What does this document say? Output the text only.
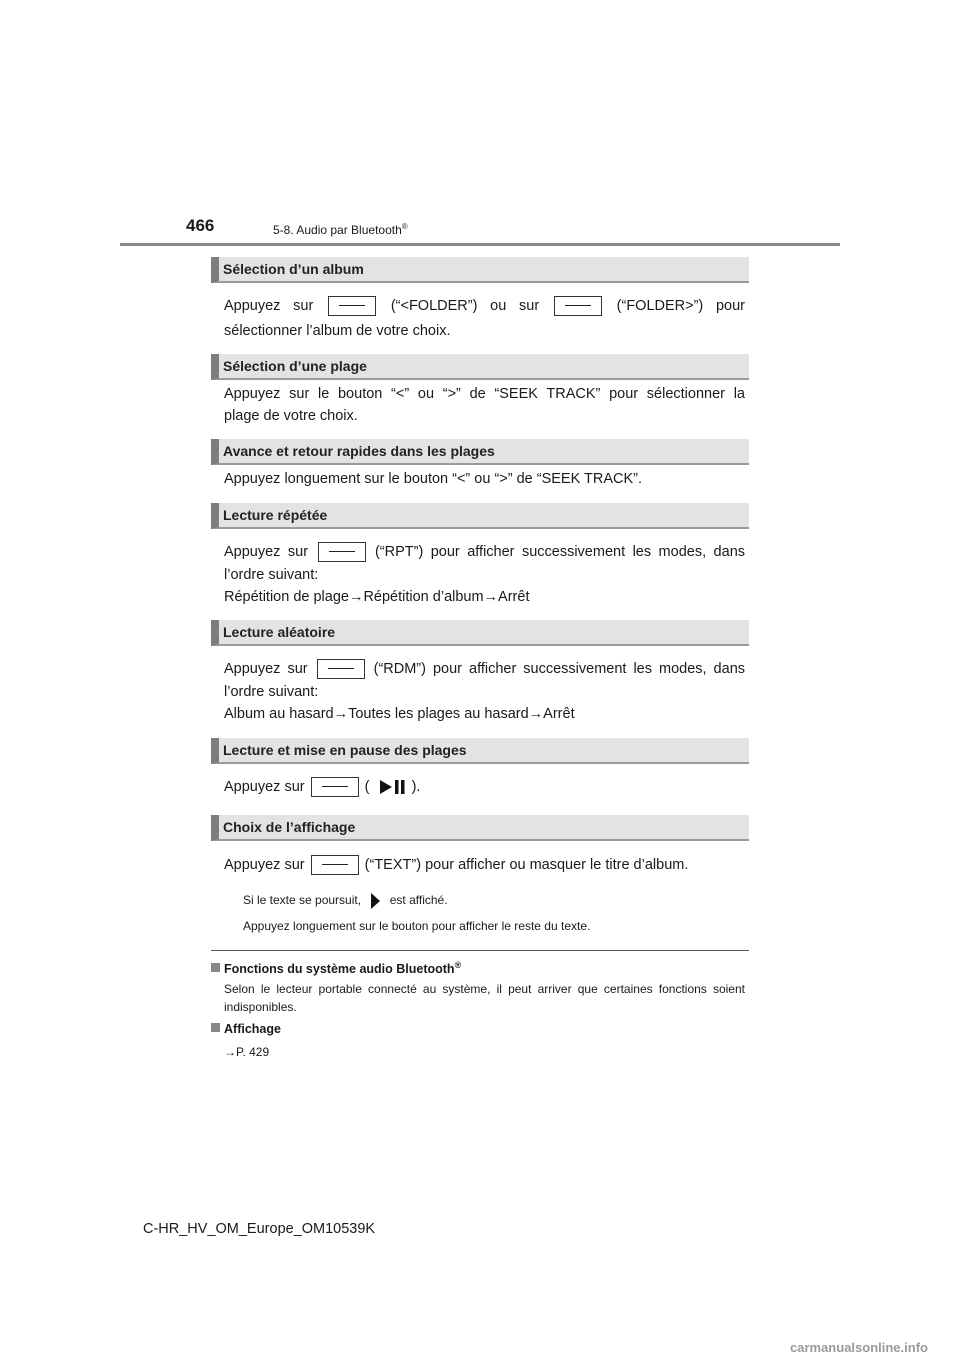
466	5-8. Audio par Bluetooth®
Sélection d’un album
Appuyez sur	(“<FOLDER”) ou sur	(“FOLDER>”) pour
sélectionner l’album de votre choix.
Sélection d’une plage
Appuyez sur le bouton “<” ou “>” de “SEEK TRACK” pour sélectionner la
plage de votre choix.
Avance et retour rapides dans les plages
Appuyez longuement sur le bouton “<” ou “>” de “SEEK TRACK”.
Lecture répétée
Appuyez sur	(“RPT”) pour afficher successivement les modes, dans
l’ordre suivant:
Répétition de plage→Répétition d’album→Arrêt
Lecture aléatoire
Appuyez sur	(“RDM”) pour afficher successivement les modes, dans
l’ordre suivant:
Album au hasard→Toutes les plages au hasard→Arrêt
Lecture et mise en pause des plages
Appuyez sur	(	).
Choix de l’affichage
Appuyez sur	(“TEXT”) pour afficher ou masquer le titre d’album.
Si le texte se poursuit, est affiché.
Appuyez longuement sur le bouton pour afficher le reste du texte.
Fonctions du système audio Bluetooth®
Selon le lecteur portable connecté au système, il peut arriver que certaines fonctions soient indisponibles.
Affichage
→P. 429
C-HR_HV_OM_Europe_OM10539K
carmanualsonline.info
